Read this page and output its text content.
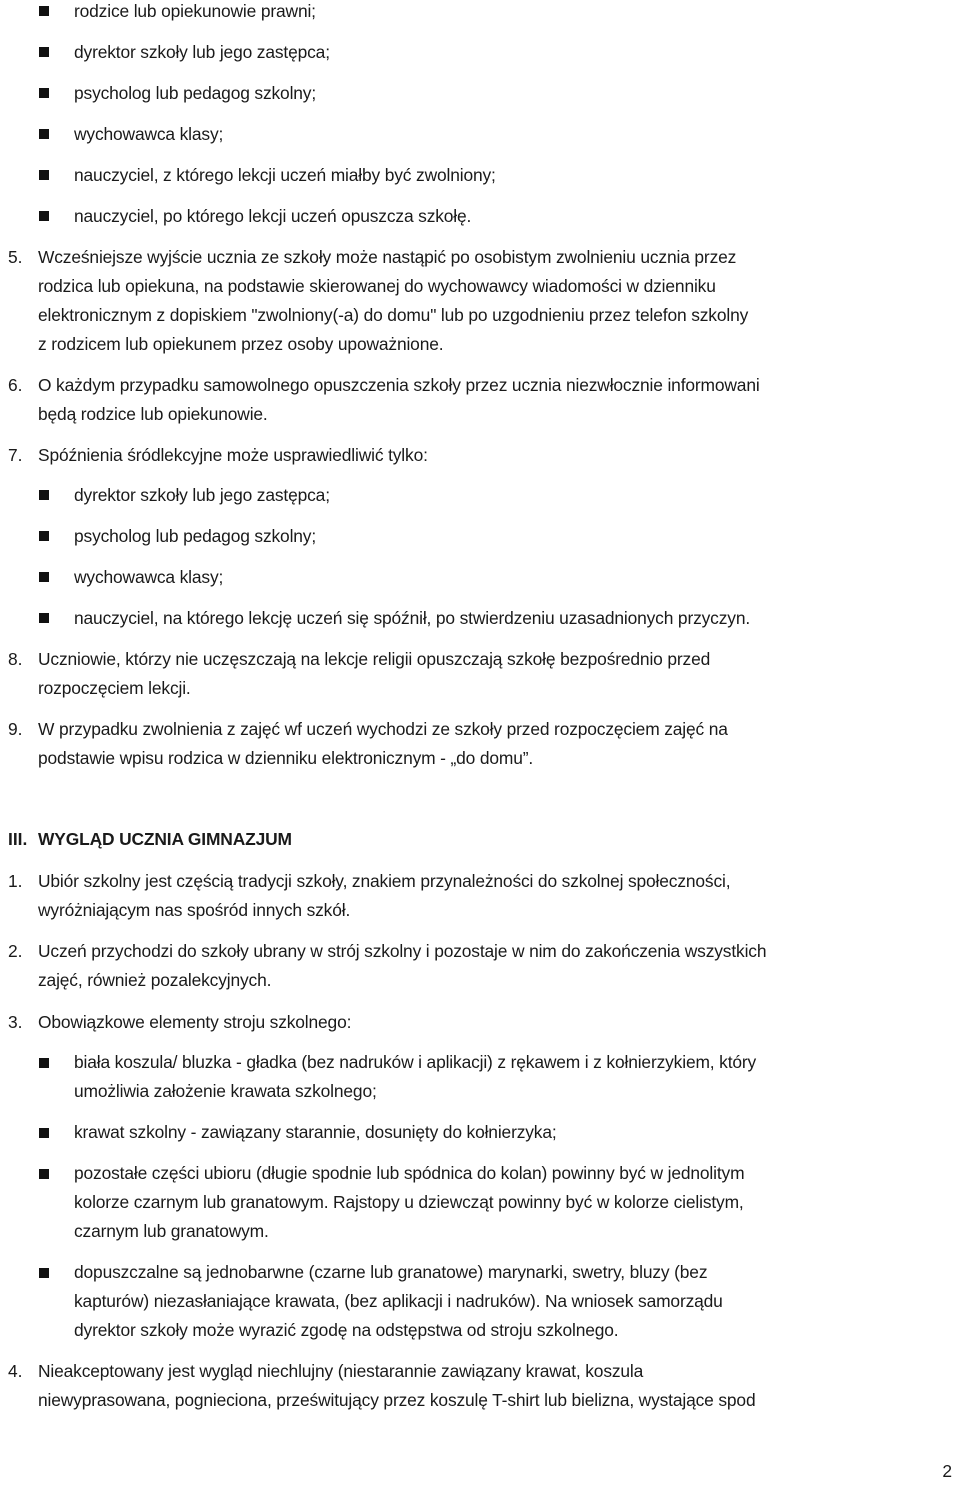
rodzice lub opiekunowie prawni;
dyrektor szkoły lub jego zastępca;
psycholog lub pedagog szkolny;
wychowawca klasy;
nauczyciel, z którego lekcji uczeń miałby być zwolniony;
nauczyciel, po którego lekcji uczeń opuszcza szkołę.
5. Wcześniejsze wyjście ucznia ze szkoły może nastąpić po osobistym zwolnieniu ucznia przez
rodzica lub opiekuna, na podstawie skierowanej do wychowawcy wiadomości w dzienniku
elektronicznym z dopiskiem "zwolniony(-a) do domu" lub po uzgodnieniu przez telefon szkolny
z rodzicem lub opiekunem przez osoby upoważnione.
6. O każdym przypadku samowolnego opuszczenia szkoły przez ucznia niezwłocznie informowani
będą rodzice lub opiekunowie.
7. Spóźnienia śródlekcyjne może usprawiedliwić tylko:
dyrektor szkoły lub jego zastępca;
psycholog lub pedagog szkolny;
wychowawca klasy;
nauczyciel, na którego lekcję uczeń się spóźnił, po stwierdzeniu uzasadnionych przyczyn.
8. Uczniowie, którzy nie uczęszczają na lekcje religii opuszczają szkołę bezpośrednio przed
rozpoczęciem lekcji.
9. W przypadku zwolnienia z zajęć wf uczeń wychodzi ze szkoły przed rozpoczęciem zajęć na
podstawie wpisu rodzica w dzienniku elektronicznym - „do domu”.
III. WYGLĄD UCZNIA GIMNAZJUM
1. Ubiór szkolny jest częścią tradycji szkoły, znakiem przynależności do szkolnej społeczności,
wyróżniającym nas spośród innych szkół.
2. Uczeń przychodzi do szkoły ubrany w strój szkolny i pozostaje w nim do zakończenia wszystkich
zajęć, również pozalekcyjnych.
3. Obowiązkowe elementy stroju szkolnego:
biała koszula/ bluzka - gładka (bez nadruków i aplikacji) z rękawem i z kołnierzykiem, który
umożliwia założenie krawata szkolnego;
krawat szkolny - zawiązany starannie, dosunięty do kołnierzyka;
pozostałe części ubioru (długie spodnie lub spódnica do kolan) powinny być w jednolitym
kolorze czarnym lub granatowym. Rajstopy u dziewcząt powinny być w kolorze cielistym,
czarnym lub granatowym.
dopuszczalne są jednobarwne (czarne lub granatowe) marynarki, swetry, bluzy (bez
kapturów) niezasłaniające krawata, (bez aplikacji i nadruków). Na wniosek samorządu
dyrektor szkoły może wyrazić zgodę na odstępstwa od stroju szkolnego.
4. Nieakceptowany jest wygląd niechlujny (niestarannie zawiązany krawat, koszula
niewyprasowana, pognieciona, prześwitujący przez koszulę T-shirt lub bielizna, wystające spod
2
